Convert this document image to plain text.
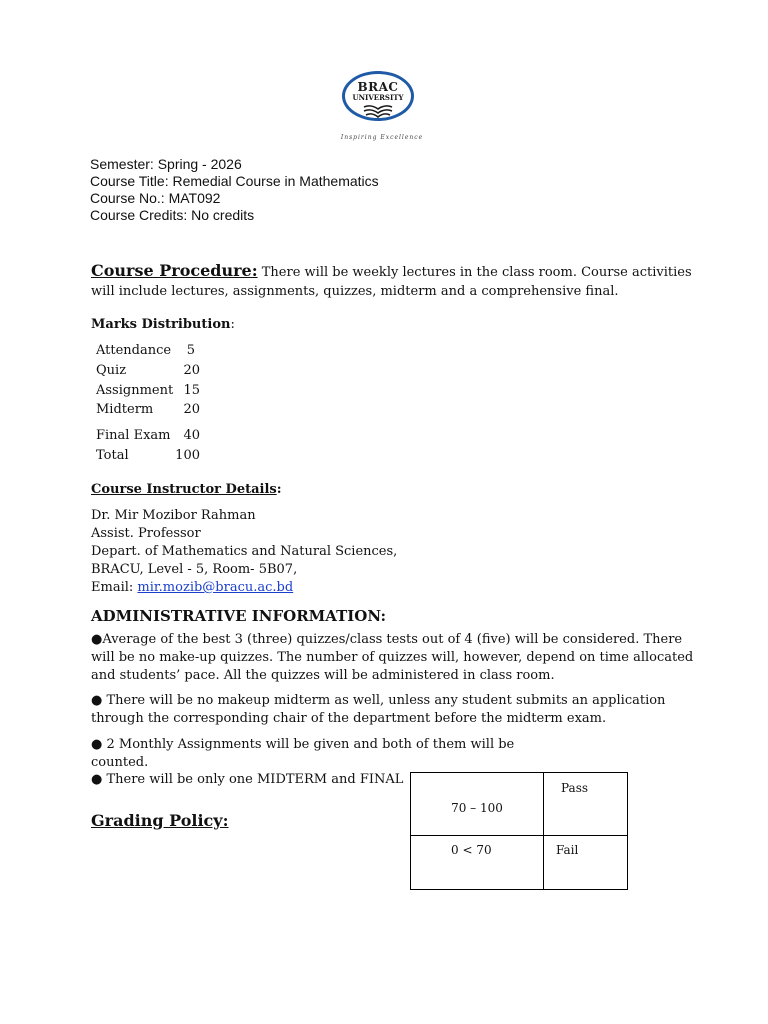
BRAC
UNIVERSITY
Inspiring Excellence
Semester: Spring - 2026
Course Title: Remedial Course in Mathematics
Course No.: MAT092
Course Credits: No credits
Course Procedure: There will be weekly lectures in the class room. Course activities
will include lectures, assignments, quizzes, midterm and a comprehensive final.
Marks Distribution:
Attendance	5
Quiz	20
Assignment 15
Midterm	20
Final Exam 40
Total	100
Course Instructor Details:
Dr. Mir Mozibor Rahman
Assist. Professor
Depart. of Mathematics and Natural Sciences,
BRACU, Level - 5, Room- 5B07,
Email: mir.mozib@bracu.ac.bd
ADMINISTRATIVE INFORMATION:
●Average of the best 3 (three) quizzes/class tests out of 4 (five) will be considered. There
will be no make-up quizzes. The number of quizzes will, however, depend on time allocated
and students’ pace. All the quizzes will be administered in class room.
● There will be no makeup midterm as well, unless any student submits an application
through the corresponding chair of the department before the midterm exam.
● 2 Monthly Assignments will be given and both of them will be
counted.
● There will be only one MIDTERM and FINAL
Grading Policy:
70 – 100	Pass
0 < 70	Fail
